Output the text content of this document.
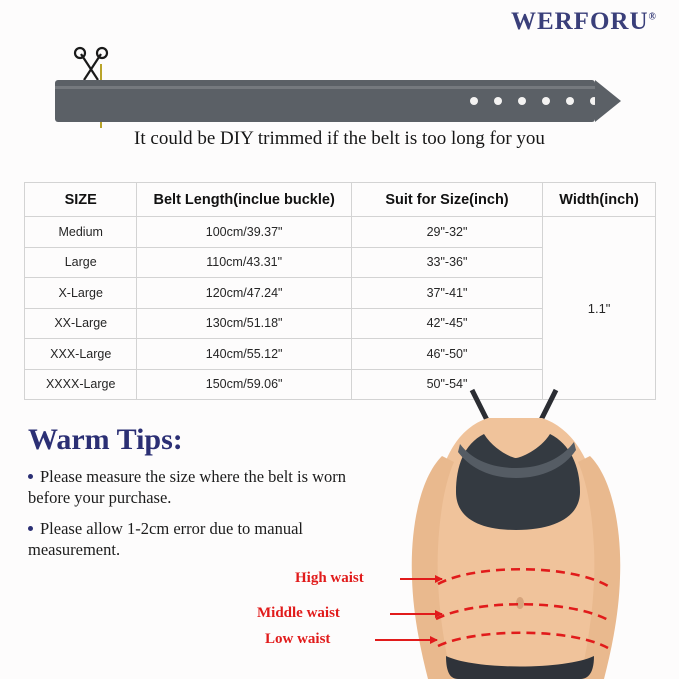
WERFORU®
It could be DIY trimmed if the belt is too long for you
SIZE	Belt Length(inclue buckle)	Suit for Size(inch)	Width(inch)
Medium	100cm/39.37"	29"-32"	1.1"
Large	110cm/43.31"	33"-36"	
X-Large	120cm/47.24"	37"-41"	
XX-Large	130cm/51.18"	42"-45"	
XXX-Large	140cm/55.12"	46"-50"	
XXXX-Large	150cm/59.06"	50"-54"	
Warm Tips:
Please measure the size where the belt is worn before your purchase.
Please allow 1-2cm error due to manual measurement.
High waist
Middle waist
Low waist
